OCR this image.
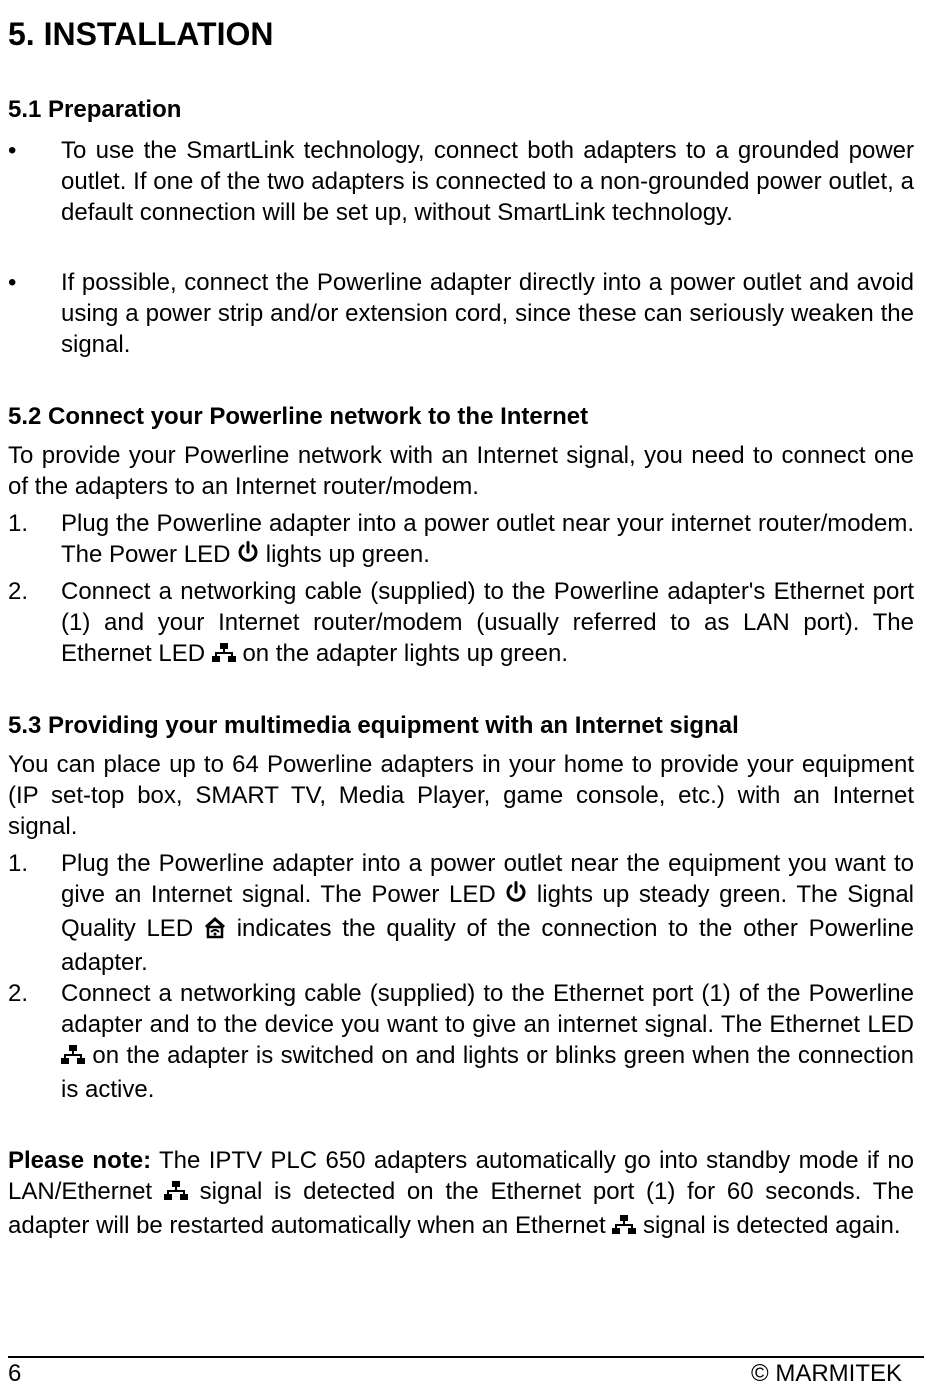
5. INSTALLATION
5.1 Preparation
• To use the SmartLink technology, connect both adapters to a grounded power outlet. If one of the two adapters is connected to a non-grounded power outlet, a default connection will be set up, without SmartLink technology.

• If possible, connect the Powerline adapter directly into a power outlet and avoid using a power strip and/or extension cord, since these can seriously weaken the signal.

5.2 Connect your Powerline network to the Internet

To provide your Powerline network with an Internet signal, you need to connect one of the adapters to an Internet router/modem.

1. Plug the Powerline adapter into a power outlet near your internet router/modem. The Power LED lights up green.

2. Connect a networking cable (supplied) to the Powerline adapter's Ethernet port (1) and your Internet router/modem (usually referred to as LAN port). The Ethernet LED on the adapter lights up green.

5.3 Providing your multimedia equipment with an Internet signal

You can place up to 64 Powerline adapters in your home to provide your equipment (IP set-top box, SMART TV, Media Player, game console, etc.) with an Internet signal.

1. Plug the Powerline adapter into a power outlet near the equipment you want to give an Internet signal. The Power LED lights up steady green. The Signal Quality LED indicates the quality of the connection to the other Powerline adapter.

2. Connect a networking cable (supplied) to the Ethernet port (1) of the Powerline adapter and to the device you want to give an internet signal. The Ethernet LED  on the adapter is switched on and lights or blinks green when the connection is active.

Please note: The IPTV PLC 650 adapters automatically go into standby mode if no LAN/Ethernet signal is detected on the Ethernet port (1) for 60 seconds. The adapter will be restarted automatically when an Ethernet signal is detected again.

6	© MARMITEK
